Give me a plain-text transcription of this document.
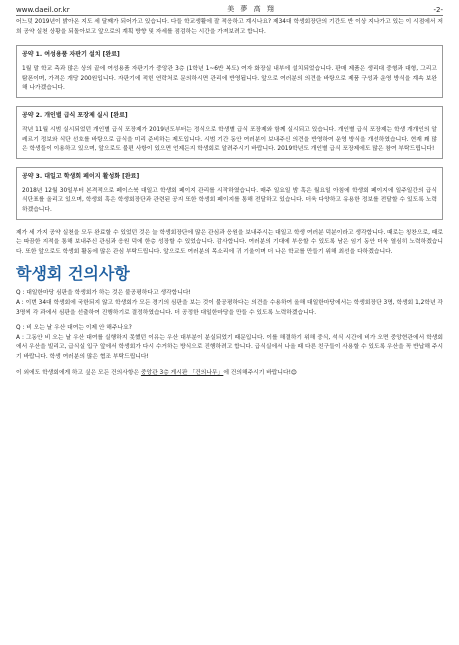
www.daeil.or.kr	美 夢 高 翔	-2-

어느덧 2019년이 밝아온 지도 세 달째가 되어가고 있습니다. 다들 학교생활에 잘 적응하고 계시나요? 제34대 학생회장단의 기간도 반 이상 지나가고 있는 이 시점에서 저희 공약 실천 상황을 되돌아보고 앞으로의 계획 방향 및 자세를 점검하는 시간을 가져보려고 합니다.

공약 1. 여성용품 자판기 설치 [완료]
1월 말 학교 측과 많은 상의 끝에 여성용품 자판기가 중앙관 3층 (1학년 1~6반 복도) 여자 화장실 내부에 설치되었습니다. 판매 제품은 생리대 중형과 대형, 그리고 탐폰이며, 가격은 개당 200원입니다. 자판기에 적힌 연락처로 문의하시면 관리에 반영됩니다. 앞으로 여러분의 의견을 바탕으로 제품 구성과 운영 방식을 계속 보완해 나가겠습니다.
공약 2. 개인별 급식 포장제 실시 [완료]
작년 11월 시범 실시되었던 개인별 급식 포장제가 2019년도부터는 정식으로 학생별 급식 포장제와 함께 실시되고 있습니다. 개인별 급식 포장제는 학생 개개인의 알레르기 정보와 식단 선호를 바탕으로 급식을 미리 준비하는 제도입니다. 시범 기간 동안 여러분이 보내주신 의견을 반영하여 운영 방식을 개선하였습니다. 현재 꽤 많은 학생들이 이용하고 있으며, 앞으로도 불편 사항이 있으면 언제든지 학생회로 알려주시기 바랍니다. 2019학년도 개인별 급식 포장제에도 많은 참여 부탁드립니다!
공약 3. 대일고 학생회 페이지 활성화 [완료]
2018년 12월 30일부터 본격적으로 페이스북 대일고 학생회 페이지 관리를 시작하였습니다. 매주 일요일 밤 혹은 월요일 아침에 학생회 페이지에 일주일간의 급식 식단표를 올리고 있으며, 학생회 혹은 학생회장단과 관련된 공지 또한 학생회 페이지를 통해 전달하고 있습니다. 더욱 다양하고 유용한 정보를 전달할 수 있도록 노력하겠습니다.

제가 세 가지 공약 실천을 모두 완료할 수 있었던 것은 늘 학생회장단에 많은 관심과 응원을 보내주시는 대일고 학생 여러분 덕분이라고 생각합니다. 때로는 칭찬으로, 때로는 따끔한 지적을 통해 보내주신 관심과 응원 덕에 한층 성장할 수 있었습니다. 감사합니다. 여러분의 기대에 부응할 수 있도록 남은 임기 동안 더욱 열심히 노력하겠습니다. 또한 앞으로도 학생회 활동에 많은 관심 부탁드립니다. 앞으로도 여러분의 목소리에 귀 기울이며 더 나은 학교를 만들기 위해 최선을 다하겠습니다.

학생회 건의사항

Q : 대일한마당 심판을 학생회가 하는 것은 불공평하다고 생각합니다!

A : 이번 34대 학생회에 국한되지 않고 학생회가 모든 경기의 심판을 보는 것이 불공평하다는 의견을 수용하여 올해 대일한마당에서는 학생회장단 3명, 학생회 1,2학년 각 3명씩 각 과에서 심판을 선출하여 진행하기로 결정하였습니다. 더 공정한 대일한마당을 만들 수 있도록 노력하겠습니다.

Q : 비 오는 날 우산 대여는 이제 안 해주나요?

A : 그동안 비 오는 날 우산 대여를 실행하지 못했던 이유는 우산 대부분이 분실되었기 때문입니다. 이를 해결하기 위해 중식, 석식 시간에 비가 오면 중앙현관에서 학생회에서 우산을 빌리고, 급식실 입구 앞에서 학생회가 다시 수거하는 방식으로 진행하려고 합니다. 급식실에서 나올 때 다른 친구들이 사용할 수 있도록 우산을 꼭 반납해 주시기 바랍니다. 학생 여러분의 많은 협조 부탁드립니다!

이 외에도 학생회에게 하고 싶은 모든 건의사항은 중앙관 3층 게시판 「건의나무」에 건의해주시기 바랍니다!😊
